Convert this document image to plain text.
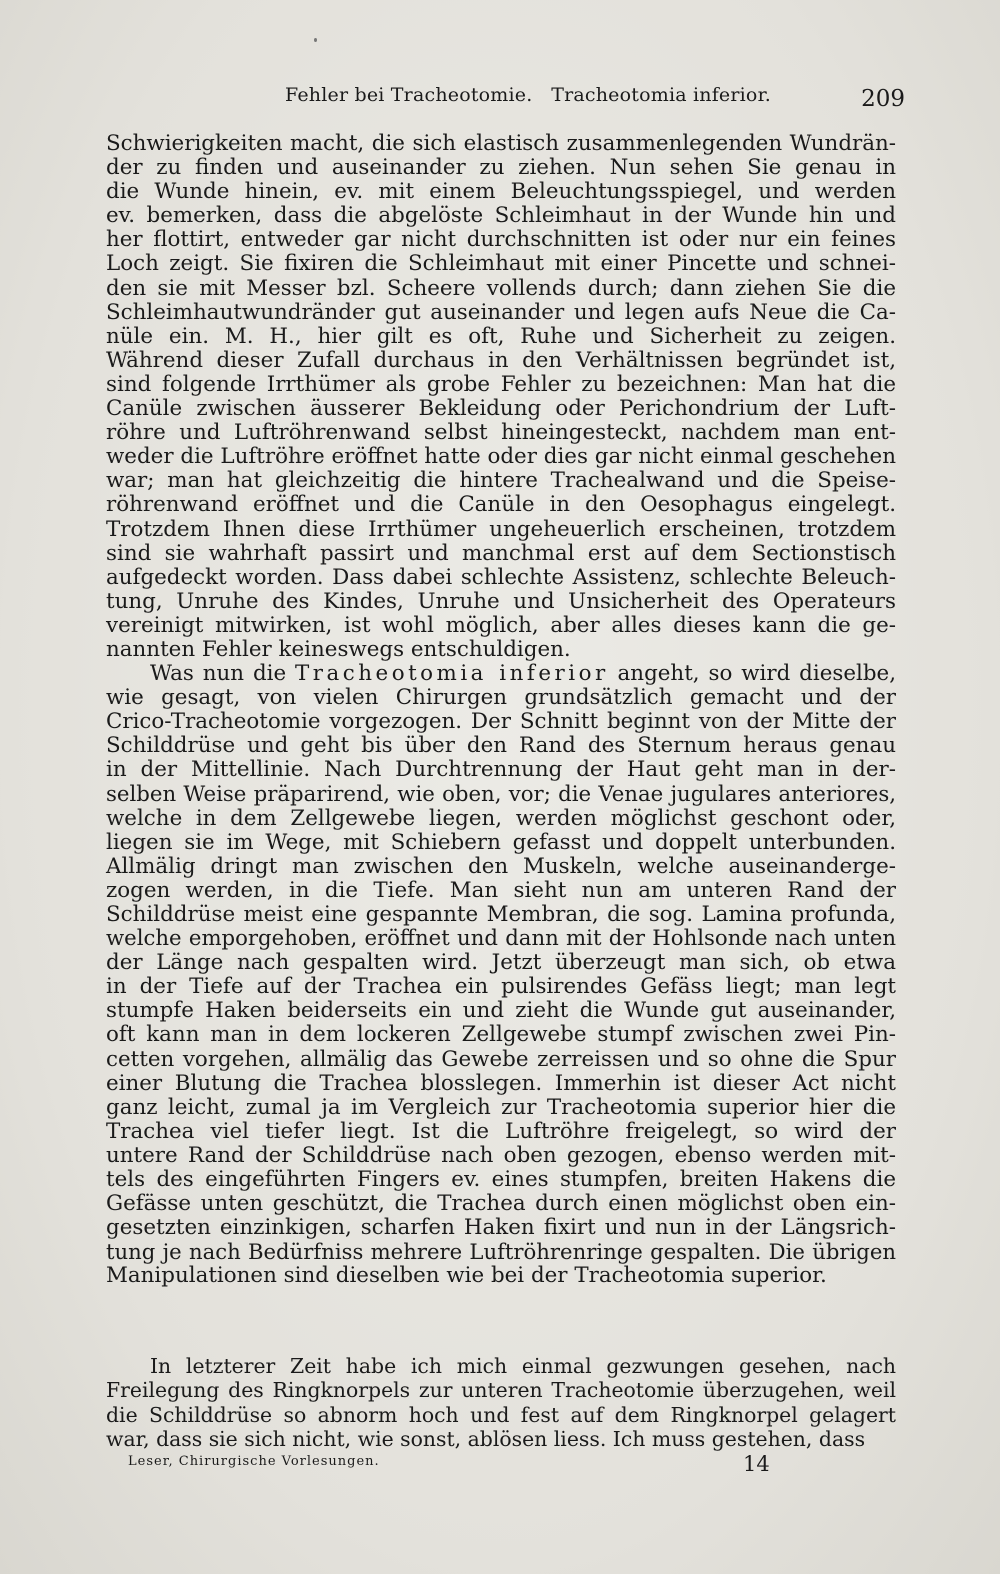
Fehler bei Tracheotomie.   Tracheotomia inferior.	209
Schwierigkeiten macht, die sich elastisch zusammenlegenden Wundrän-
der zu finden und auseinander zu ziehen. Nun sehen Sie genau in
die Wunde hinein, ev. mit einem Beleuchtungsspiegel, und werden
ev. bemerken, dass die abgelöste Schleimhaut in der Wunde hin und
her flottirt, entweder gar nicht durchschnitten ist oder nur ein feines
Loch zeigt. Sie fixiren die Schleimhaut mit einer Pincette und schnei-
den sie mit Messer bzl. Scheere vollends durch; dann ziehen Sie die
Schleimhautwundränder gut auseinander und legen aufs Neue die Ca-
nüle ein. M. H., hier gilt es oft, Ruhe und Sicherheit zu zeigen.
Während dieser Zufall durchaus in den Verhältnissen begründet ist,
sind folgende Irrthümer als grobe Fehler zu bezeichnen: Man hat die
Canüle zwischen äusserer Bekleidung oder Perichondrium der Luft-
röhre und Luftröhrenwand selbst hineingesteckt, nachdem man ent-
weder die Luftröhre eröffnet hatte oder dies gar nicht einmal geschehen
war; man hat gleichzeitig die hintere Trachealwand und die Speise-
röhrenwand eröffnet und die Canüle in den Oesophagus eingelegt.
Trotzdem Ihnen diese Irrthümer ungeheuerlich erscheinen, trotzdem
sind sie wahrhaft passirt und manchmal erst auf dem Sectionstisch
aufgedeckt worden. Dass dabei schlechte Assistenz, schlechte Beleuch-
tung, Unruhe des Kindes, Unruhe und Unsicherheit des Operateurs
vereinigt mitwirken, ist wohl möglich, aber alles dieses kann die ge-
nannten Fehler keineswegs entschuldigen.
Was nun die Tracheotomia inferior angeht, so wird dieselbe,
wie gesagt, von vielen Chirurgen grundsätzlich gemacht und der
Crico-Tracheotomie vorgezogen. Der Schnitt beginnt von der Mitte der
Schilddrüse und geht bis über den Rand des Sternum heraus genau
in der Mittellinie. Nach Durchtrennung der Haut geht man in der-
selben Weise präparirend, wie oben, vor; die Venae jugulares anteriores,
welche in dem Zellgewebe liegen, werden möglichst geschont oder,
liegen sie im Wege, mit Schiebern gefasst und doppelt unterbunden.
Allmälig dringt man zwischen den Muskeln, welche auseinanderge-
zogen werden, in die Tiefe. Man sieht nun am unteren Rand der
Schilddrüse meist eine gespannte Membran, die sog. Lamina profunda,
welche emporgehoben, eröffnet und dann mit der Hohlsonde nach unten
der Länge nach gespalten wird. Jetzt überzeugt man sich, ob etwa
in der Tiefe auf der Trachea ein pulsirendes Gefäss liegt; man legt
stumpfe Haken beiderseits ein und zieht die Wunde gut auseinander,
oft kann man in dem lockeren Zellgewebe stumpf zwischen zwei Pin-
cetten vorgehen, allmälig das Gewebe zerreissen und so ohne die Spur
einer Blutung die Trachea blosslegen. Immerhin ist dieser Act nicht
ganz leicht, zumal ja im Vergleich zur Tracheotomia superior hier die
Trachea viel tiefer liegt. Ist die Luftröhre freigelegt, so wird der
untere Rand der Schilddrüse nach oben gezogen, ebenso werden mit-
tels des eingeführten Fingers ev. eines stumpfen, breiten Hakens die
Gefässe unten geschützt, die Trachea durch einen möglichst oben ein-
gesetzten einzinkigen, scharfen Haken fixirt und nun in der Längsrich-
tung je nach Bedürfniss mehrere Luftröhrenringe gespalten. Die übrigen
Manipulationen sind dieselben wie bei der Tracheotomia superior.
In letzterer Zeit habe ich mich einmal gezwungen gesehen, nach
Freilegung des Ringknorpels zur unteren Tracheotomie überzugehen, weil
die Schilddrüse so abnorm hoch und fest auf dem Ringknorpel gelagert
war, dass sie sich nicht, wie sonst, ablösen liess. Ich muss gestehen, dass
Leser, Chirurgische Vorlesungen.	14
